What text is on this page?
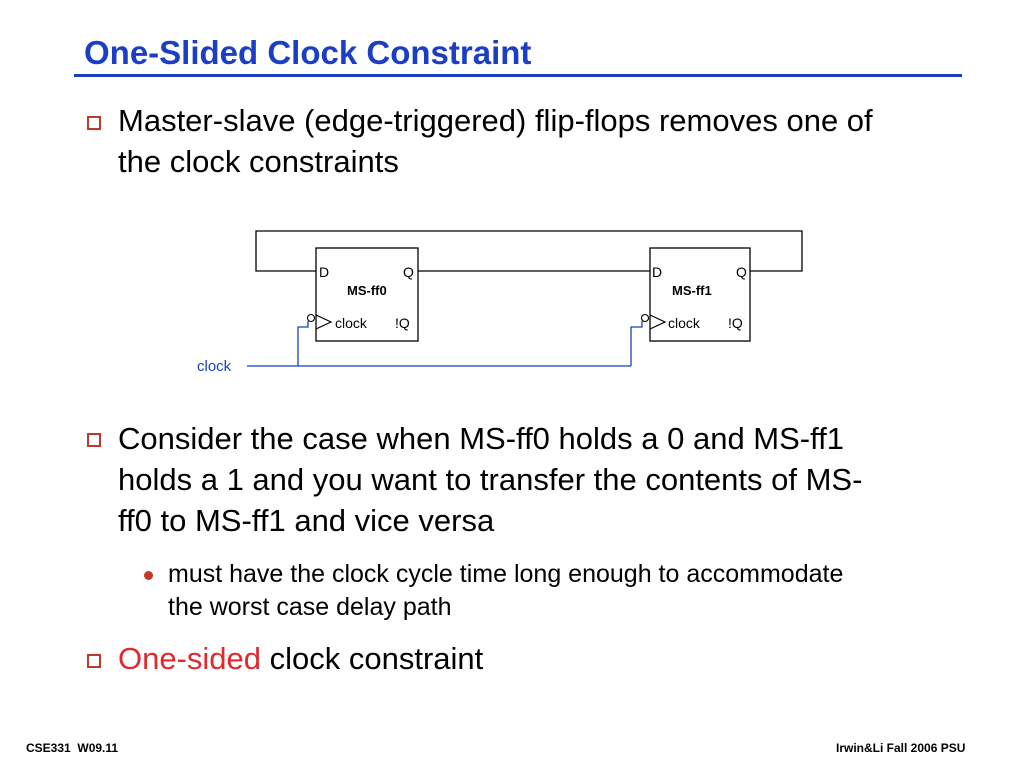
One-Slided Clock Constraint
Master-slave (edge-triggered) flip-flops removes one of the clock constraints
D	Q
MS-ff0
clock !Q
D	Q
MS-ff1
clock !Q
clock
Consider the case when MS-ff0 holds a 0 and MS-ff1 holds a 1 and you want to transfer the contents of MS-ff0 to MS-ff1 and vice versa
must have the clock cycle time long enough to accommodate the worst case delay path
One-sided clock constraint
CSE331  W09.11	Irwin&Li Fall 2006 PSU
